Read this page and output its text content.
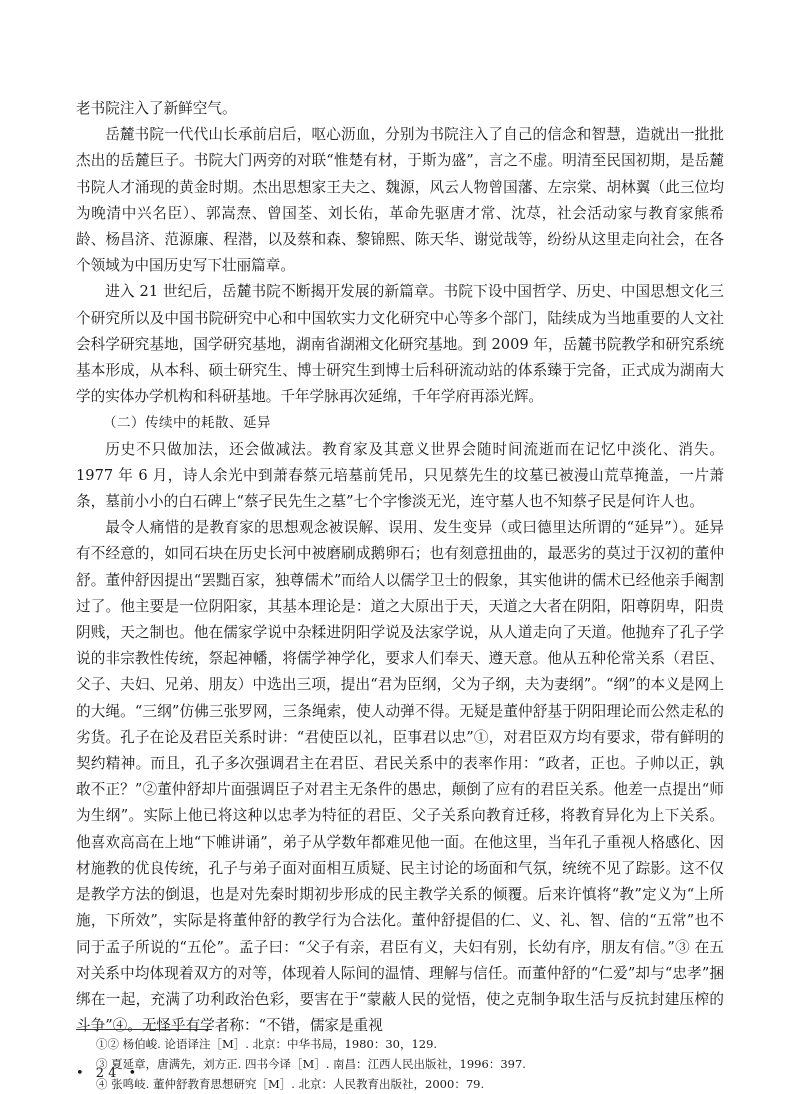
老书院注入了新鲜空气。

岳麓书院一代代山长承前启后，呕心沥血，分别为书院注入了自己的信念和智慧，造就出一批批杰出的岳麓巨子。书院大门两旁的对联“惟楚有材，于斯为盛”，言之不虚。明清至民国初期，是岳麓书院人才涌现的黄金时期。杰出思想家王夫之、魏源，风云人物曾国藩、左宗棠、胡林翼（此三位均为晚清中兴名臣）、郭嵩焘、曾国荃、刘长佑，革命先驱唐才常、沈荩，社会活动家与教育家熊希龄、杨昌济、范源廉、程潜，以及蔡和森、黎锦熙、陈天华、谢觉哉等，纷纷从这里走向社会，在各个领域为中国历史写下壮丽篇章。

进入 21 世纪后，岳麓书院不断揭开发展的新篇章。书院下设中国哲学、历史、中国思想文化三个研究所以及中国书院研究中心和中国软实力文化研究中心等多个部门，陆续成为当地重要的人文社会科学研究基地，国学研究基地，湖南省湖湘文化研究基地。到 2009 年，岳麓书院教学和研究系统基本形成，从本科、硕士研究生、博士研究生到博士后科研流动站的体系臻于完备，正式成为湖南大学的实体办学机构和科研基地。千年学脉再次延绵，千年学府再添光辉。

（二）传续中的耗散、延异

历史不只做加法，还会做减法。教育家及其意义世界会随时间流逝而在记忆中淡化、消失。1977 年 6 月，诗人余光中到萧春蔡元培墓前凭吊，只见蔡先生的坟墓已被漫山荒草掩盖，一片萧条，墓前小小的白石碑上“蔡孑民先生之墓”七个字惨淡无光，连守墓人也不知蔡孑民是何许人也。

最令人痛惜的是教育家的思想观念被误解、误用、发生变异（或曰德里达所谓的“延异”）。延异有不经意的，如同石块在历史长河中被磨刷成鹅卵石；也有刻意扭曲的，最恶劣的莫过于汉初的董仲舒。董仲舒因提出“罢黜百家，独尊儒术”而给人以儒学卫士的假象，其实他讲的儒术已经他亲手阉割过了。他主要是一位阴阳家，其基本理论是：道之大原出于天，天道之大者在阴阳，阳尊阴卑，阳贵阴贱，天之制也。他在儒家学说中杂糅进阴阳学说及法家学说，从人道走向了天道。他抛弃了孔子学说的非宗教性传统，祭起神幡，将儒学神学化，要求人们奉天、遵天意。他从五种伦常关系（君臣、父子、夫妇、兄弟、朋友）中选出三项，提出“君为臣纲，父为子纲，夫为妻纲”。“纲”的本义是网上的大绳。“三纲”仿佛三张罗网，三条绳索，使人动弹不得。无疑是董仲舒基于阴阳理论而公然走私的劣货。孔子在论及君臣关系时讲：“君使臣以礼，臣事君以忠”①，对君臣双方均有要求，带有鲜明的契约精神。而且，孔子多次强调君主在君臣、君民关系中的表率作用：“政者，正也。子帅以正，孰敢不正？”②董仲舒却片面强调臣子对君主无条件的愚忠，颠倒了应有的君臣关系。他差一点提出“师为生纲”。实际上他已将这种以忠孝为特征的君臣、父子关系向教育迁移，将教育异化为上下关系。他喜欢高高在上地“下帷讲诵”，弟子从学数年都难见他一面。在他这里，当年孔子重视人格感化、因材施教的优良传统，孔子与弟子面对面相互质疑、民主讨论的场面和气氛，统统不见了踪影。这不仅是教学方法的倒退，也是对先秦时期初步形成的民主教学关系的倾覆。后来许慎将“教”定义为“上所施，下所效”，实际是将董仲舒的教学行为合法化。董仲舒提倡的仁、义、礼、智、信的“五常”也不同于孟子所说的“五伦”。孟子曰：“父子有亲，君臣有义，夫妇有别，长幼有序，朋友有信。”③ 在五对关系中均体现着双方的对等，体现着人际间的温情、理解与信任。而董仲舒的“仁爱”却与“忠孝”捆绑在一起，充满了功利政治色彩，要害在于“蒙蔽人民的觉悟，使之克制争取生活与反抗封建压榨的斗争”④。无怪乎有学者称：“不错，儒家是重视

①② 杨伯峻. 论语译注［M］. 北京：中华书局，1980：30，129.

③ 夏延章，唐满先，刘方正. 四书今译［M］. 南昌：江西人民出版社，1996：397.

④ 张鸣岐. 董仲舒教育思想研究［M］. 北京：人民教育出版社，2000：79.

• 24 •
